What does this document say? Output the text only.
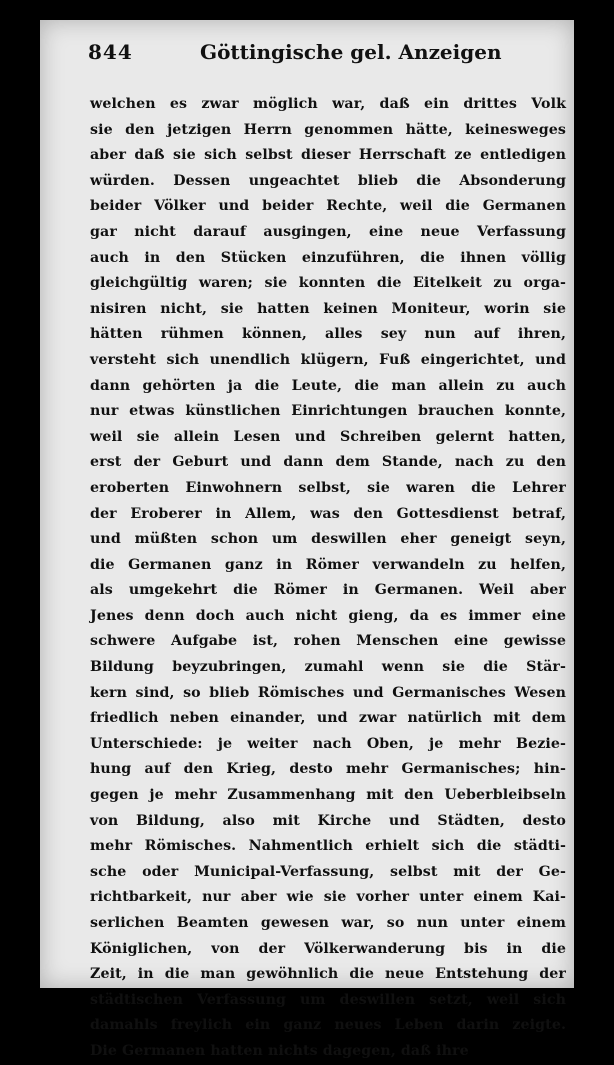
844	Göttingische gel. Anzeigen
welchen es zwar möglich war, daß ein drittes Volk
sie den jetzigen Herrn genommen hätte, keinesweges
aber daß sie sich selbst dieser Herrschaft ze entledigen
würden. Dessen ungeachtet blieb die Absonderung
beider Völker und beider Rechte, weil die Germanen
gar nicht darauf ausgingen, eine neue Verfassung
auch in den Stücken einzuführen, die ihnen völlig
gleichgültig waren; sie konnten die Eitelkeit zu orga-
nisiren nicht, sie hatten keinen Moniteur, worin sie
hätten rühmen können, alles sey nun auf ihren,
versteht sich unendlich klügern, Fuß eingerichtet, und
dann gehörten ja die Leute, die man allein zu auch
nur etwas künstlichen Einrichtungen brauchen konnte,
weil sie allein Lesen und Schreiben gelernt hatten,
erst der Geburt und dann dem Stande, nach zu den
eroberten Einwohnern selbst, sie waren die Lehrer
der Eroberer in Allem, was den Gottesdienst betraf,
und müßten schon um deswillen eher geneigt seyn,
die Germanen ganz in Römer verwandeln zu helfen,
als umgekehrt die Römer in Germanen. Weil aber
Jenes denn doch auch nicht gieng, da es immer eine
schwere Aufgabe ist, rohen Menschen eine gewisse
Bildung beyzubringen, zumahl wenn sie die Stär-
kern sind, so blieb Römisches und Germanisches Wesen
friedlich neben einander, und zwar natürlich mit dem
Unterschiede: je weiter nach Oben, je mehr Bezie-
hung auf den Krieg, desto mehr Germanisches; hin-
gegen je mehr Zusammenhang mit den Ueberbleibseln
von Bildung, also mit Kirche und Städten, desto
mehr Römisches. Nahmentlich erhielt sich die städti-
sche oder Municipal-Verfassung, selbst mit der Ge-
richtbarkeit, nur aber wie sie vorher unter einem Kai-
serlichen Beamten gewesen war, so nun unter einem
Königlichen, von der Völkerwanderung bis in die
Zeit, in die man gewöhnlich die neue Entstehung der
städtischen Verfassung um deswillen setzt, weil sich
damahls freylich ein ganz neues Leben darin zeigte.
Die Germanen hatten nichts dagegen, daß ihre
